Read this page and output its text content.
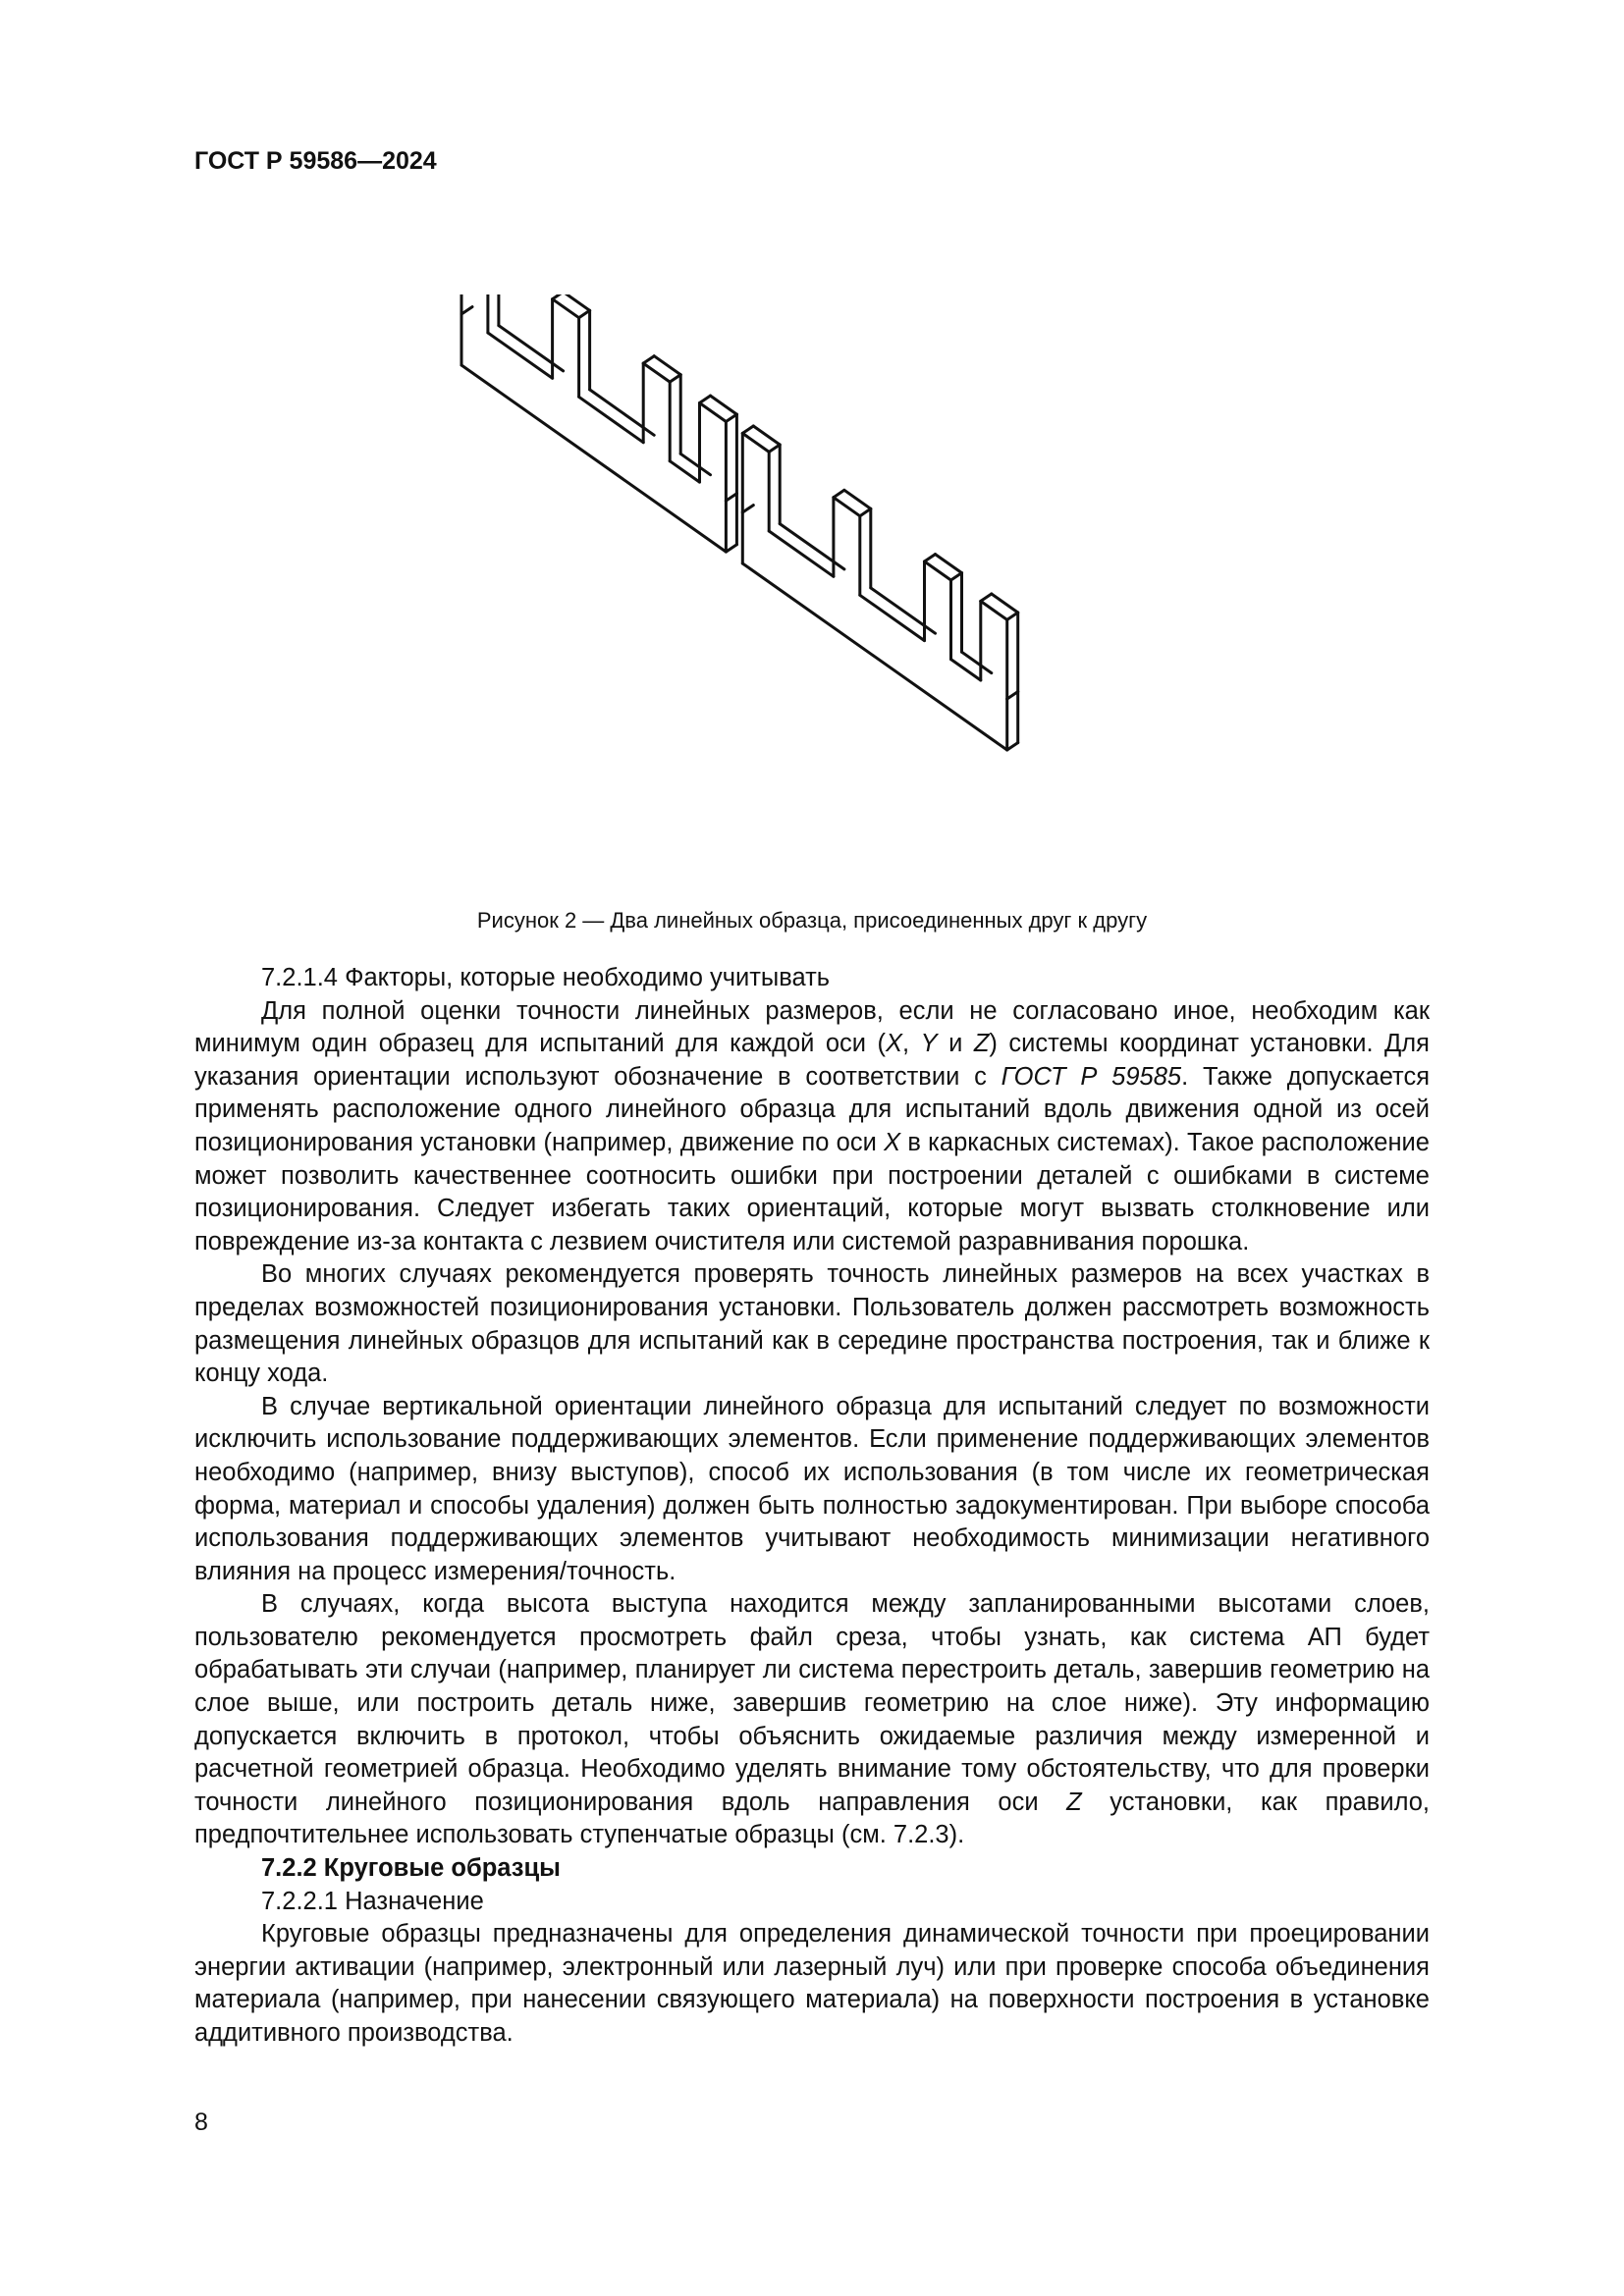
ГОСТ Р 59586—2024
Рисунок 2 — Два линейных образца, присоединенных друг к другу

7.2.1.4 Факторы, которые необходимо учитывать

Для полной оценки точности линейных размеров, если не согласовано иное, необходим как минимум один образец для испытаний для каждой оси (X, Y и Z) системы координат установки. Для указания ориентации используют обозначение в соответствии с ГОСТ Р 59585. Также допускается применять расположение одного линейного образца для испытаний вдоль движения одной из осей позиционирования установки (например, движение по оси X в каркасных системах). Такое расположение может позволить качественнее соотносить ошибки при построении деталей с ошибками в системе позиционирования. Следует избегать таких ориентаций, которые могут вызвать столкновение или повреждение из-за контакта с лезвием очистителя или системой разравнивания порошка.

Во многих случаях рекомендуется проверять точность линейных размеров на всех участках в пределах возможностей позиционирования установки. Пользователь должен рассмотреть возможность размещения линейных образцов для испытаний как в середине пространства построения, так и ближе к концу хода.

В случае вертикальной ориентации линейного образца для испытаний следует по возможности исключить использование поддерживающих элементов. Если применение поддерживающих элементов необходимо (например, внизу выступов), способ их использования (в том числе их геометрическая форма, материал и способы удаления) должен быть полностью задокументирован. При выборе способа использования поддерживающих элементов учитывают необходимость минимизации негативного влияния на процесс измерения/точность.

В случаях, когда высота выступа находится между запланированными высотами слоев, пользователю рекомендуется просмотреть файл среза, чтобы узнать, как система АП будет обрабатывать эти случаи (например, планирует ли система перестроить деталь, завершив геометрию на слое выше, или построить деталь ниже, завершив геометрию на слое ниже). Эту информацию допускается включить в протокол, чтобы объяснить ожидаемые различия между измеренной и расчетной геометрией образца. Необходимо уделять внимание тому обстоятельству, что для проверки точности линейного позиционирования вдоль направления оси Z установки, как правило, предпочтительнее использовать ступенчатые образцы (см. 7.2.3).

7.2.2 Круговые образцы

7.2.2.1 Назначение

Круговые образцы предназначены для определения динамической точности при проецировании энергии активации (например, электронный или лазерный луч) или при проверке способа объединения материала (например, при нанесении связующего материала) на поверхности построения в установке аддитивного производства.

8
